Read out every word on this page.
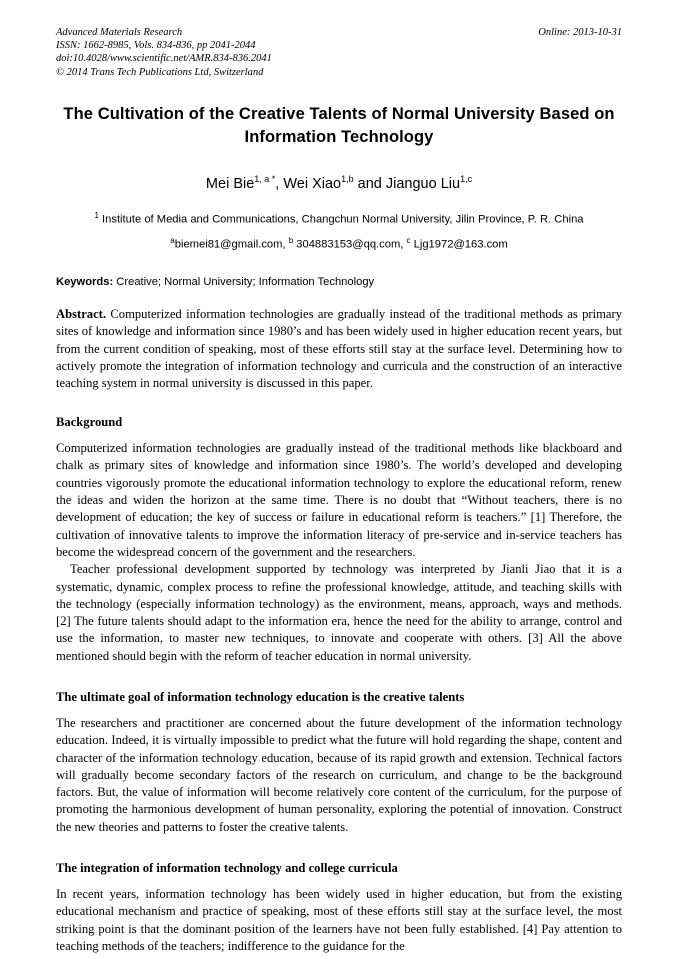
Advanced Materials Research
ISSN: 1662-8985, Vols. 834-836, pp 2041-2044
doi:10.4028/www.scientific.net/AMR.834-836.2041
© 2014 Trans Tech Publications Ltd, Switzerland
Online: 2013-10-31
The Cultivation of the Creative Talents of Normal University Based on Information Technology
Mei Bie$^{1, a *}$, Wei Xiao$^{1,b}$ and Jianguo Liu$^{1,c}$
$^1$ Institute of Media and Communications, Changchun Normal University, Jilin Province, P. R. China
$^a$biemei81@gmail.com, $^b$ 304883153@qq.com, $^c$ Ljg1972@163.com
Keywords: Creative; Normal University; Information Technology
Abstract. Computerized information technologies are gradually instead of the traditional methods as primary sites of knowledge and information since 1980’s and has been widely used in higher education recent years, but from the current condition of speaking, most of these efforts still stay at the surface level. Determining how to actively promote the integration of information technology and curricula and the construction of an interactive teaching system in normal university is discussed in this paper.
Background

Computerized information technologies are gradually instead of the traditional methods like blackboard and chalk as primary sites of knowledge and information since 1980’s. The world’s developed and developing countries vigorously promote the educational information technology to explore the educational reform, renew the ideas and widen the horizon at the same time. There is no doubt that “Without teachers, there is no development of education; the key of success or failure in educational reform is teachers.” [1] Therefore, the cultivation of innovative talents to improve the information literacy of pre-service and in-service teachers has become the widespread concern of the government and the researchers.

Teacher professional development supported by technology was interpreted by Jianli Jiao that it is a systematic, dynamic, complex process to refine the professional knowledge, attitude, and teaching skills with the technology (especially information technology) as the environment, means, approach, ways and methods. [2] The future talents should adapt to the information era, hence the need for the ability to arrange, control and use the information, to master new techniques, to innovate and cooperate with others. [3] All the above mentioned should begin with the reform of teacher education in normal university.

The ultimate goal of information technology education is the creative talents

The researchers and practitioner are concerned about the future development of the information technology education. Indeed, it is virtually impossible to predict what the future will hold regarding the shape, content and character of the information technology education, because of its rapid growth and extension. Technical factors will gradually become secondary factors of the research on curriculum, and change to be the background factors. But, the value of information will become relatively core content of the curriculum, for the purpose of promoting the harmonious development of human personality, exploring the potential of innovation. Construct the new theories and patterns to foster the creative talents.

The integration of information technology and college curricula

In recent years, information technology has been widely used in higher education, but from the existing educational mechanism and practice of speaking, most of these efforts still stay at the surface level, the most striking point is that the dominant position of the learners have not been fully established. [4] Pay attention to teaching methods of the teachers; indifference to the guidance for the
